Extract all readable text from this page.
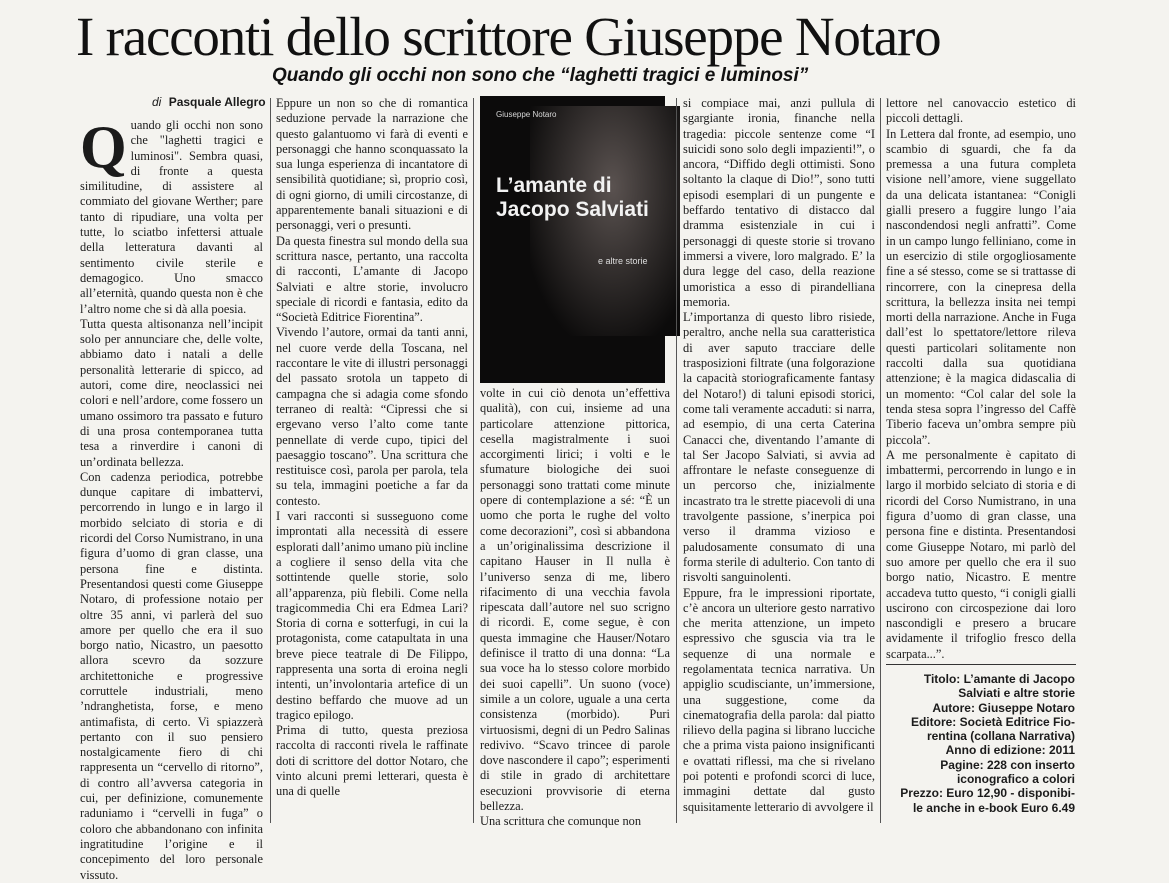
I racconti dello scrittore Giuseppe Notaro
Quando gli occhi non sono che “laghetti tragici e luminosi”
di Pasquale Allegro
Q uando gli occhi non sono che "laghetti tragici e luminosi". Sembra quasi, di fronte a questa similitudine, di assistere al commiato del giovane Werther; pare tanto di ripudiare, una volta per tutte, lo sciatbo infettersi attuale della letteratura davanti al sentimento civile sterile e demagogico. Uno smacco all’eternità, quando questa non è che l’altro nome che si dà alla poesia.

Tutta questa altisonanza nell’incipit solo per annunciare che, delle volte, abbiamo dato i natali a delle personalità letterarie di spicco, ad autori, come dire, neoclassici nei colori e nell’ardore, come fossero un umano ossimoro tra passato e futuro di una prosa contemporanea tutta tesa a rinverdire i canoni di un’ordinata bellezza.

Con cadenza periodica, potrebbe dunque capitare di imbattervi, percorrendo in lungo e in largo il morbido selciato di storia e di ricordi del Corso Numistrano, in una figura d’uomo di gran classe, una persona fine e distinta. Presentandosi questi come Giuseppe Notaro, di professione notaio per oltre 35 anni, vi parlerà del suo amore per quello che era il suo borgo natìo, Nicastro, un paesotto allora scevro da sozzure architettoniche e progressive corruttele industriali, meno ’ndranghetista, forse, e meno antimafista, di certo. Vi spiazzerà pertanto con il suo pensiero nostalgicamente fiero di chi rappresenta un “cervello di ritorno”, di contro all’avversa categoria in cui, per definizione, comunemente raduniamo i “cervelli in fuga” o coloro che abbandonano con infinita ingratitudine l’origine e il concepimento del loro personale vissuto.

Eppure un non so che di romantica seduzione pervade la narrazione che questo galantuomo vi farà di eventi e personaggi che hanno sconquassato la sua lunga esperienza di incantatore di sensibilità quotidiane; sì, proprio così, di ogni giorno, di umili circostanze, di apparentemente banali situazioni e di personaggi, veri o presunti.

Da questa finestra sul mondo della sua scrittura nasce, pertanto, una raccolta di racconti, L’amante di Jacopo Salviati e altre storie, involucro speciale di ricordi e fantasia, edito da “Società Editrice Fiorentina”.

Vivendo l’autore, ormai da tanti anni, nel cuore verde della Toscana, nel raccontare le vite di illustri personaggi del passato srotola un tappeto di campagna che si adagia come sfondo terraneo di realtà: “Cipressi che si ergevano verso l’alto come tante pennellate di verde cupo, tipici del paesaggio toscano”. Una scrittura che restituisce così, parola per parola, tela su tela, immagini poetiche a far da contesto.

I vari racconti si susseguono come improntati alla necessità di essere esplorati dall’animo umano più incline a cogliere il senso della vita che sottintende quelle storie, solo all’apparenza, più flebili. Come nella tragicommedia Chi era Edmea Lari? Storia di corna e sotterfugi, in cui la protagonista, come catapultata in una breve piece teatrale di De Filippo, rappresenta una sorta di eroina negli intenti, un’involontaria artefice di un destino beffardo che muove ad un tragico epilogo.

Prima di tutto, questa preziosa raccolta di racconti rivela le raffinate doti di scrittore del dottor Notaro, che vinto alcuni premi letterari, questa è una di quelle

Giuseppe Notaro
L’amante di Jacopo Salviati
e altre storie

volte in cui ciò denota un’effettiva qualità), con cui, insieme ad una particolare attenzione pittorica, cesella magistralmente i suoi accorgimenti lirici; i volti e le sfumature biologiche dei suoi personaggi sono trattati come minute opere di contemplazione a sé: “È un uomo che porta le rughe del volto come decorazioni”, così si abbandona a un’originalissima descrizione il capitano Hauser in Il nulla è l’universo senza di me, libero rifacimento di una vecchia favola ripescata dall’autore nel suo scrigno di ricordi. E, come segue, è con questa immagine che Hauser/Notaro definisce il tratto di una donna: “La sua voce ha lo stesso colore morbido dei suoi capelli”. Un suono (voce) simile a un colore, uguale a una certa consistenza (morbido). Puri virtuosismi, degni di un Pedro Salinas redivivo. “Scavo trincee di parole dove nascondere il capo”; esperimenti di stile in grado di architettare esecuzioni provvisorie di eterna bellezza.

Una scrittura che comunque non

si compiace mai, anzi pullula di sgargiante ironia, finanche nella tragedia: piccole sentenze come “I suicidi sono solo degli impazienti!”, o ancora, “Diffido degli ottimisti. Sono soltanto la claque di Dio!”, sono tutti episodi esemplari di un pungente e beffardo tentativo di distacco dal dramma esistenziale in cui i personaggi di queste storie si trovano immersi a vivere, loro malgrado. E’ la dura legge del caso, della reazione umoristica a esso di pirandelliana memoria.

L’importanza di questo libro risiede, peraltro, anche nella sua caratteristica di aver saputo tracciare delle trasposizioni filtrate (una folgorazione la capacità storiograficamente fantasy del Notaro!) di taluni episodi storici, come tali veramente accaduti: si narra, ad esempio, di una certa Caterina Canacci che, diventando l’amante di tal Ser Jacopo Salviati, si avvia ad affrontare le nefaste conseguenze di un percorso che, inizialmente incastrato tra le strette piacevoli di una travolgente passione, s’inerpica poi verso il dramma vizioso e paludosamente consumato di una forma sterile di adulterio. Con tanto di risvolti sanguinolenti.

Eppure, fra le impressioni riportate, c’è ancora un ulteriore gesto narrativo che merita attenzione, un impeto espressivo che sguscia via tra le sequenze di una normale e regolamentata tecnica narrativa. Un appiglio scudisciante, un’immersione, una suggestione, come da cinematografia della parola: dal piatto rilievo della pagina si librano lucciche che a prima vista paiono insignificanti e ovattati riflessi, ma che si rivelano poi potenti e profondi scorci di luce, immagini dettate dal gusto squisitamente letterario di avvolgere il

lettore nel canovaccio estetico di piccoli dettagli.

In Lettera dal fronte, ad esempio, uno scambio di sguardi, che fa da premessa a una futura completa visione nell’amore, viene suggellato da una delicata istantanea: “Conigli gialli presero a fuggire lungo l’aia nascondendosi negli anfratti”. Come in un campo lungo felliniano, come in un esercizio di stile orgogliosamente fine a sé stesso, come se si trattasse di rincorrere, con la cinepresa della scrittura, la bellezza insita nei tempi morti della narrazione. Anche in Fuga dall’est lo spettatore/lettore rileva questi particolari solitamente non raccolti dalla sua quotidiana attenzione; è la magica didascalia di un momento: “Col calar del sole la tenda stesa sopra l’ingresso del Caffè Tiberio faceva un’ombra sempre più piccola”.

A me personalmente è capitato di imbattermi, percorrendo in lungo e in largo il morbido selciato di storia e di ricordi del Corso Numistrano, in una figura d’uomo di gran classe, una persona fine e distinta. Presentandosi come Giuseppe Notaro, mi parlò del suo amore per quello che era il suo borgo natio, Nicastro. E mentre accadeva tutto questo, “i conigli gialli uscirono con circospezione dai loro nascondigli e presero a brucare avidamente il trifoglio fresco della scarpata...”.

Titolo: L’amante di Jacopo
Salviati e altre storie
Autore: Giuseppe Notaro
Editore: Società Editrice Fio-
rentina (collana Narrativa)
Anno di edizione: 2011
Pagine: 228 con inserto
iconografico a colori
Prezzo: Euro 12,90 - disponibi-
le anche in e-book Euro 6.49
